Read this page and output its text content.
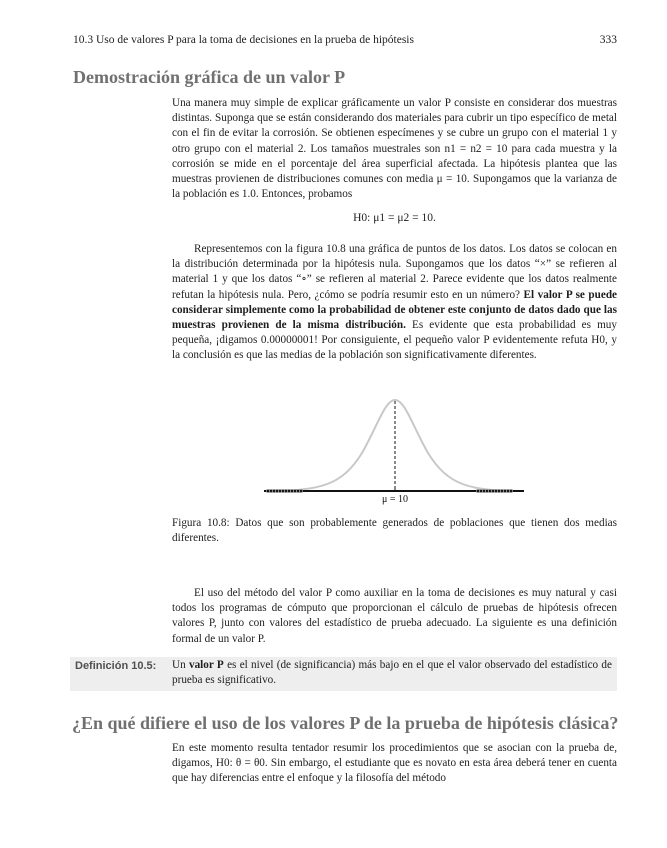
10.3 Uso de valores P para la toma de decisiones en la prueba de hipótesis	333
Demostración gráfica de un valor P

Una manera muy simple de explicar gráficamente un valor P consiste en considerar dos muestras distintas. Suponga que se están considerando dos materiales para cubrir un tipo específico de metal con el fin de evitar la corrosión. Se obtienen especímenes y se cubre un grupo con el material 1 y otro grupo con el material 2. Los tamaños muestrales son n1 = n2 = 10 para cada muestra y la corrosión se mide en el porcentaje del área superficial afectada. La hipótesis plantea que las muestras provienen de distribuciones comunes con media μ = 10. Supongamos que la varianza de la población es 1.0. Entonces, probamos

H0: μ1 = μ2 = 10.

Representemos con la figura 10.8 una gráfica de puntos de los datos. Los datos se colocan en la distribución determinada por la hipótesis nula. Supongamos que los datos “×” se refieren al material 1 y que los datos “∘” se refieren al material 2. Parece evidente que los datos realmente refutan la hipótesis nula. Pero, ¿cómo se podría resumir esto en un número? El valor P se puede considerar simplemente como la probabilidad de obtener este conjunto de datos dado que las muestras provienen de la misma distribución. Es evidente que esta probabilidad es muy pequeña, ¡digamos 0.00000001! Por consiguiente, el pequeño valor P evidentemente refuta H0, y la conclusión es que las medias de la población son significativamente diferentes.

μ = 10
Figura 10.8: Datos que son probablemente generados de poblaciones que tienen dos medias diferentes.

El uso del método del valor P como auxiliar en la toma de decisiones es muy natural y casi todos los programas de cómputo que proporcionan el cálculo de pruebas de hipótesis ofrecen valores P, junto con valores del estadístico de prueba adecuado. La siguiente es una definición formal de un valor P.

Definición 10.5: Un valor P es el nivel (de significancia) más bajo en el que el valor observado del estadístico de prueba es significativo.
¿En qué difiere el uso de los valores P de la prueba de hipótesis clásica?

En este momento resulta tentador resumir los procedimientos que se asocian con la prueba de, digamos, H0: θ = θ0. Sin embargo, el estudiante que es novato en esta área deberá tener en cuenta que hay diferencias entre el enfoque y la filosofía del método
